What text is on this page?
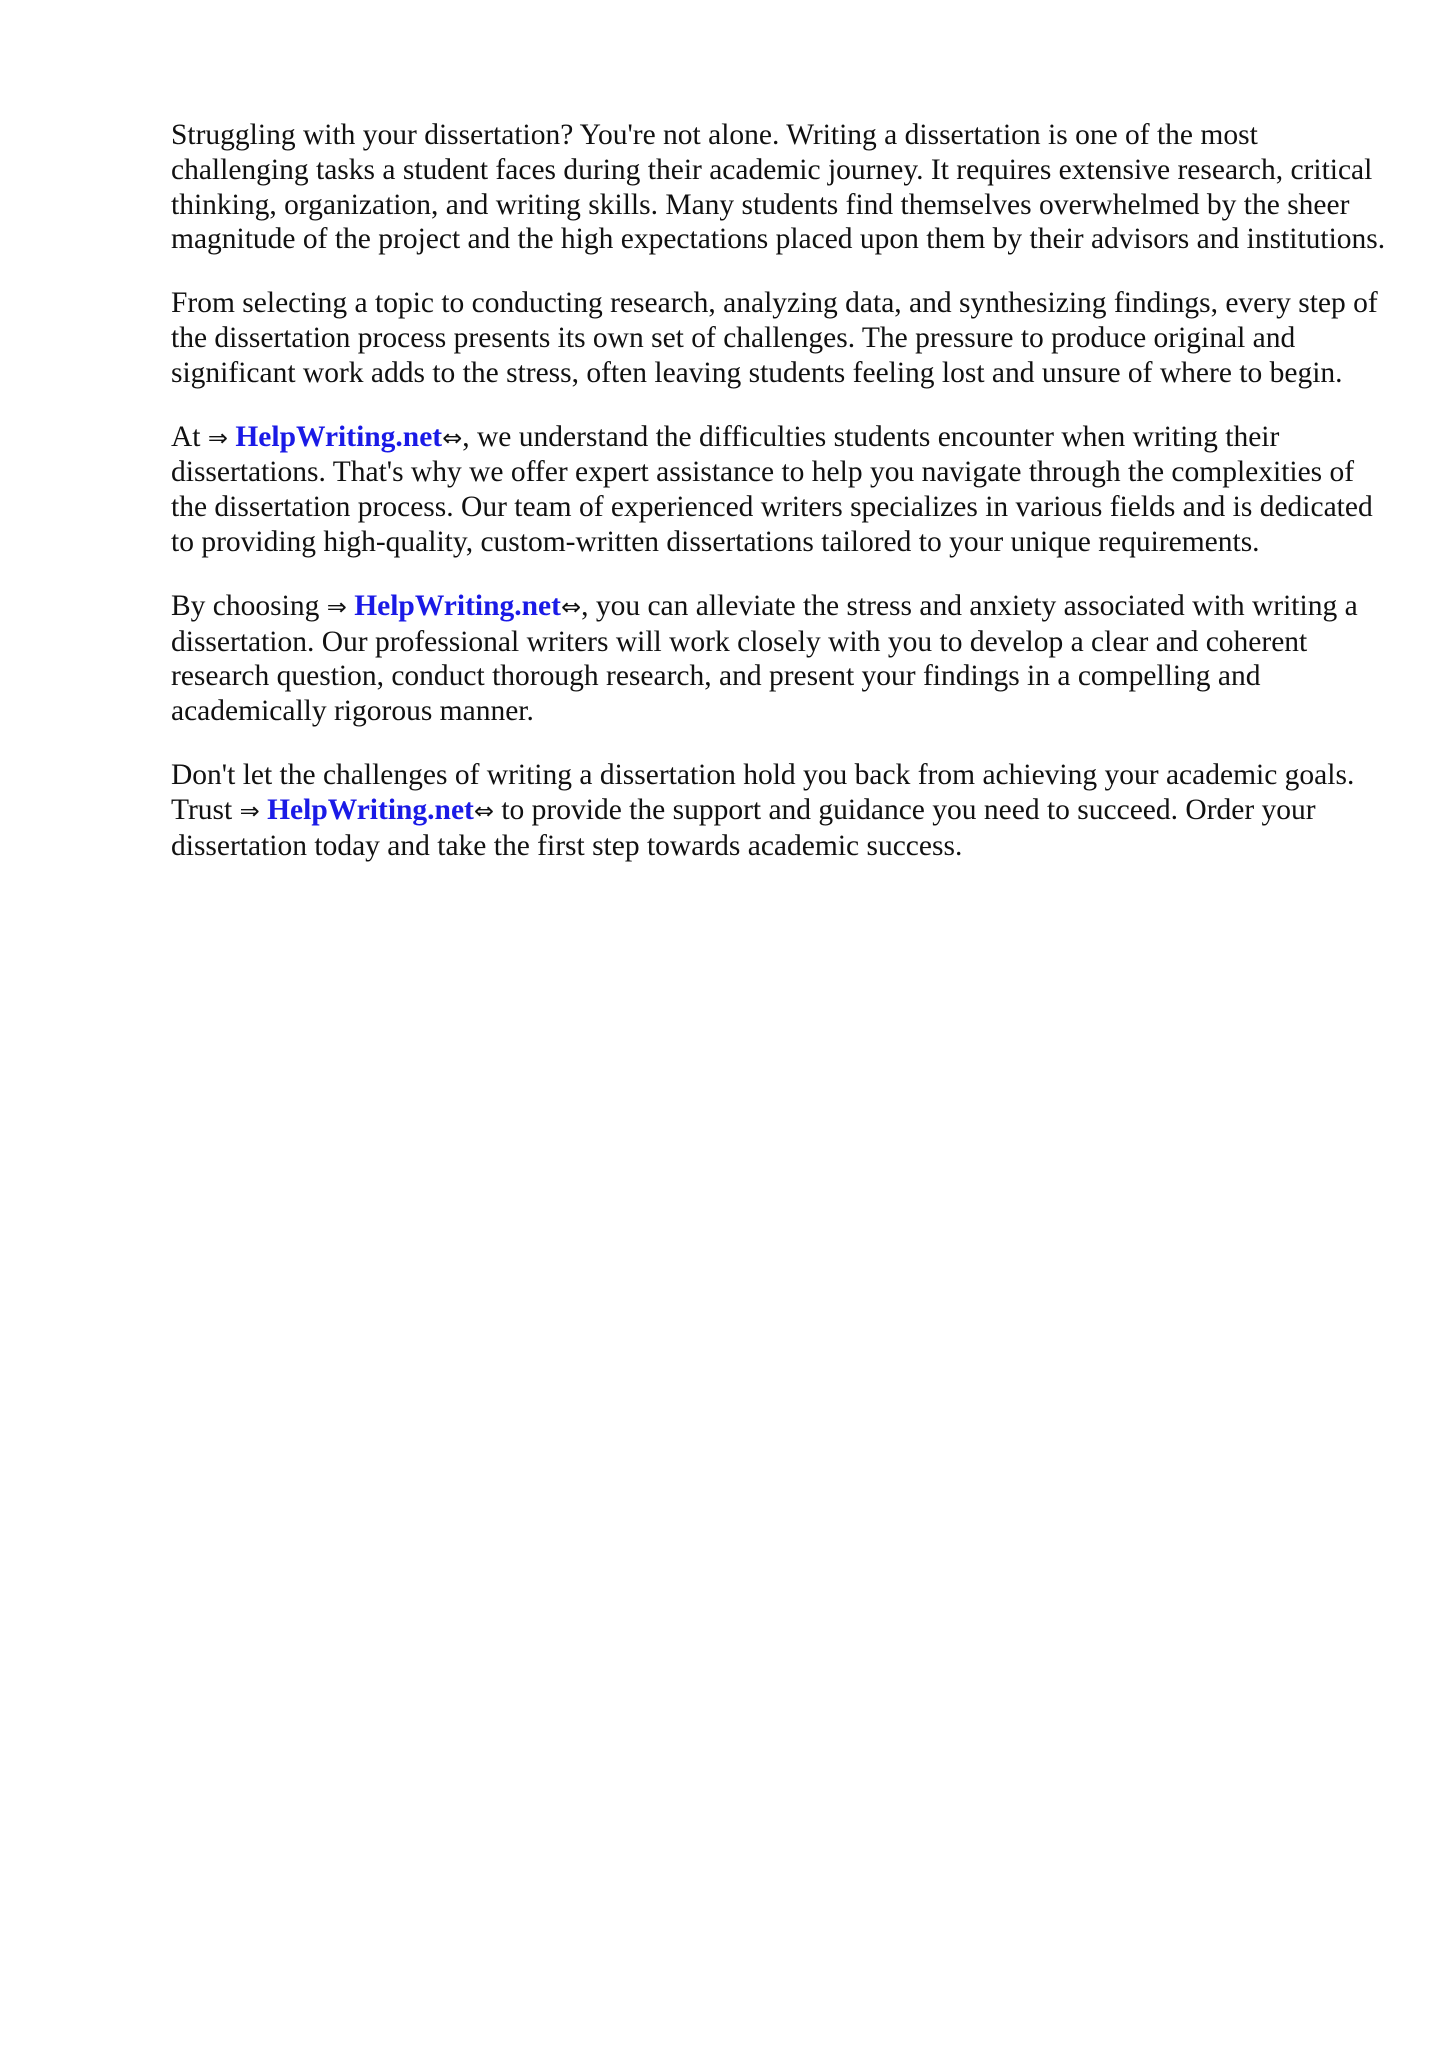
Struggling with your dissertation? You're not alone. Writing a dissertation is one of the most challenging tasks a student faces during their academic journey. It requires extensive research, critical thinking, organization, and writing skills. Many students find themselves overwhelmed by the sheer magnitude of the project and the high expectations placed upon them by their advisors and institutions.

From selecting a topic to conducting research, analyzing data, and synthesizing findings, every step of the dissertation process presents its own set of challenges. The pressure to produce original and significant work adds to the stress, often leaving students feeling lost and unsure of where to begin.

At ⇒ HelpWriting.net⇔, we understand the difficulties students encounter when writing their dissertations. That's why we offer expert assistance to help you navigate through the complexities of the dissertation process. Our team of experienced writers specializes in various fields and is dedicated to providing high-quality, custom-written dissertations tailored to your unique requirements.

By choosing ⇒ HelpWriting.net⇔, you can alleviate the stress and anxiety associated with writing a dissertation. Our professional writers will work closely with you to develop a clear and coherent research question, conduct thorough research, and present your findings in a compelling and academically rigorous manner.

Don't let the challenges of writing a dissertation hold you back from achieving your academic goals. Trust ⇒ HelpWriting.net⇔ to provide the support and guidance you need to succeed. Order your dissertation today and take the first step towards academic success.
